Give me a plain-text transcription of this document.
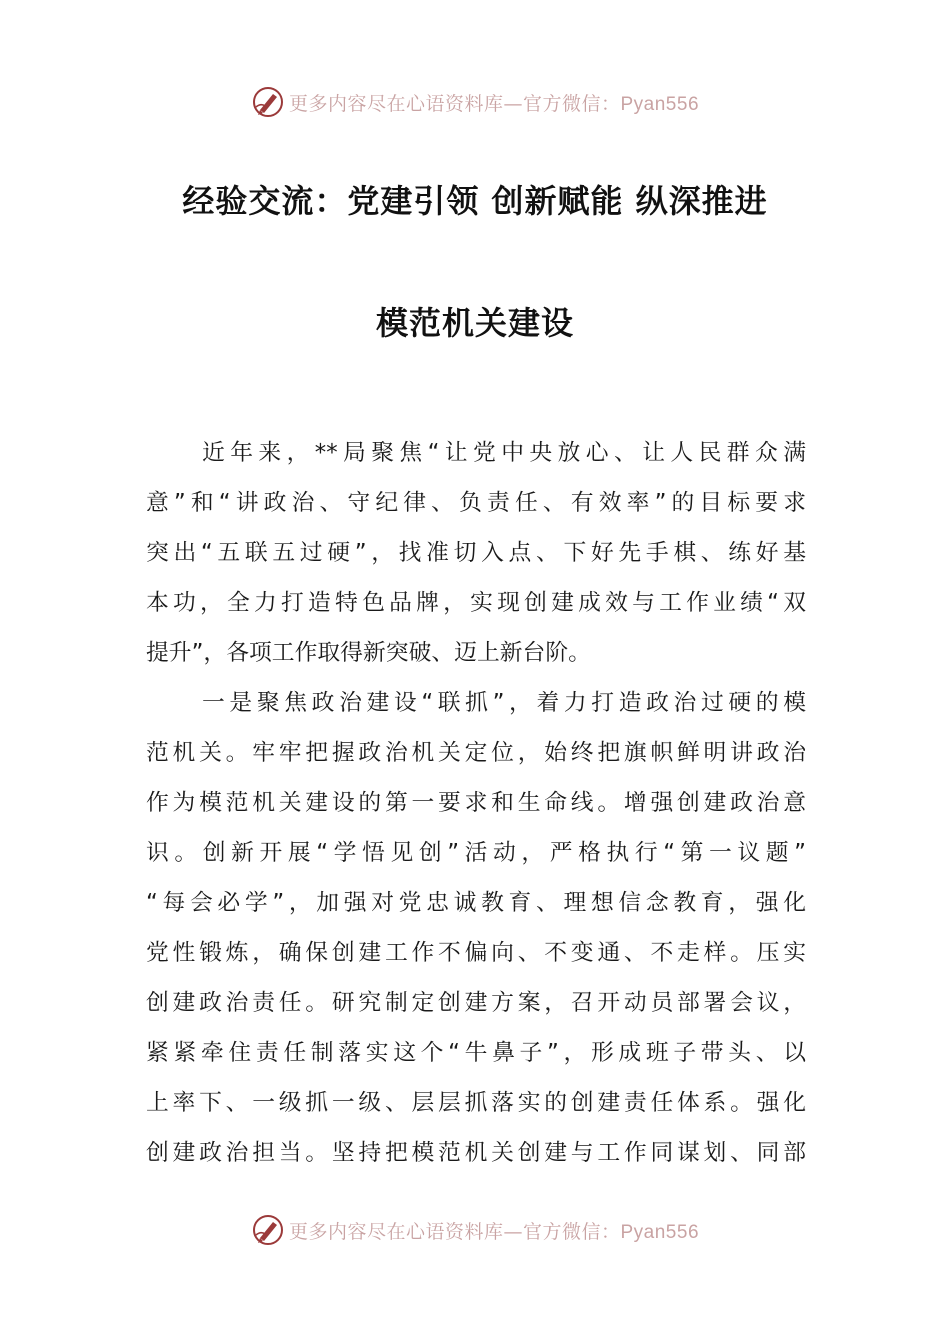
更多内容尽在心语资料库—官方微信：Pyan556
经验交流：党建引领 创新赋能 纵深推进
模范机关建设
近年来，**局聚焦“让党中央放心、让人民群众满
意”和“讲政治、守纪律、负责任、有效率”的目标要求
突出“五联五过硬”，找准切入点、下好先手棋、练好基
本功，全力打造特色品牌，实现创建成效与工作业绩“双
提升”，各项工作取得新突破、迈上新台阶。
一是聚焦政治建设“联抓”，着力打造政治过硬的模
范机关。牢牢把握政治机关定位，始终把旗帜鲜明讲政治
作为模范机关建设的第一要求和生命线。增强创建政治意
识。创新开展“学悟见创”活动，严格执行“第一议题”
“每会必学”，加强对党忠诚教育、理想信念教育，强化
党性锻炼，确保创建工作不偏向、不变通、不走样。压实
创建政治责任。研究制定创建方案，召开动员部署会议，
紧紧牵住责任制落实这个“牛鼻子”，形成班子带头、以
上率下、一级抓一级、层层抓落实的创建责任体系。强化
创建政治担当。坚持把模范机关创建与工作同谋划、同部
更多内容尽在心语资料库—官方微信：Pyan556
